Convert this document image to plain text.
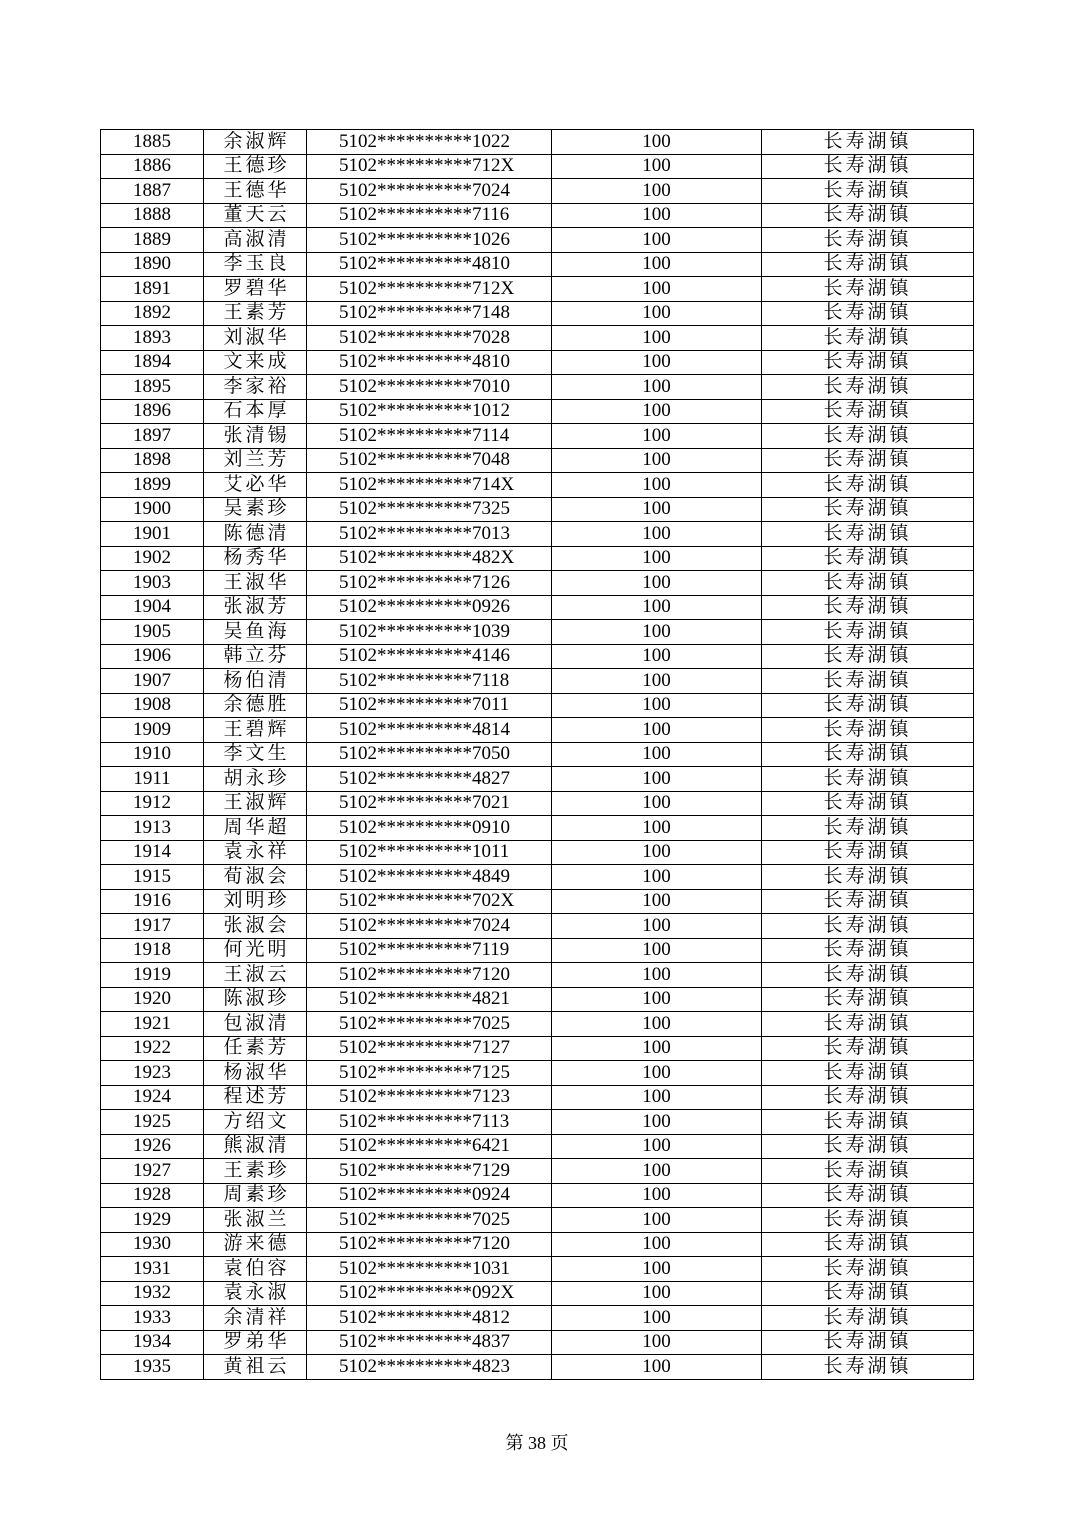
1885	余淑辉	5102**********1022	100	长寿湖镇
1886	王德珍	5102**********712X	100	长寿湖镇
1887	王德华	5102**********7024	100	长寿湖镇
1888	董天云	5102**********7116	100	长寿湖镇
1889	高淑清	5102**********1026	100	长寿湖镇
1890	李玉良	5102**********4810	100	长寿湖镇
1891	罗碧华	5102**********712X	100	长寿湖镇
1892	王素芳	5102**********7148	100	长寿湖镇
1893	刘淑华	5102**********7028	100	长寿湖镇
1894	文来成	5102**********4810	100	长寿湖镇
1895	李家裕	5102**********7010	100	长寿湖镇
1896	石本厚	5102**********1012	100	长寿湖镇
1897	张清锡	5102**********7114	100	长寿湖镇
1898	刘兰芳	5102**********7048	100	长寿湖镇
1899	艾必华	5102**********714X	100	长寿湖镇
1900	吴素珍	5102**********7325	100	长寿湖镇
1901	陈德清	5102**********7013	100	长寿湖镇
1902	杨秀华	5102**********482X	100	长寿湖镇
1903	王淑华	5102**********7126	100	长寿湖镇
1904	张淑芳	5102**********0926	100	长寿湖镇
1905	吴鱼海	5102**********1039	100	长寿湖镇
1906	韩立芬	5102**********4146	100	长寿湖镇
1907	杨伯清	5102**********7118	100	长寿湖镇
1908	余德胜	5102**********7011	100	长寿湖镇
1909	王碧辉	5102**********4814	100	长寿湖镇
1910	李文生	5102**********7050	100	长寿湖镇
1911	胡永珍	5102**********4827	100	长寿湖镇
1912	王淑辉	5102**********7021	100	长寿湖镇
1913	周华超	5102**********0910	100	长寿湖镇
1914	袁永祥	5102**********1011	100	长寿湖镇
1915	荀淑会	5102**********4849	100	长寿湖镇
1916	刘明珍	5102**********702X	100	长寿湖镇
1917	张淑会	5102**********7024	100	长寿湖镇
1918	何光明	5102**********7119	100	长寿湖镇
1919	王淑云	5102**********7120	100	长寿湖镇
1920	陈淑珍	5102**********4821	100	长寿湖镇
1921	包淑清	5102**********7025	100	长寿湖镇
1922	任素芳	5102**********7127	100	长寿湖镇
1923	杨淑华	5102**********7125	100	长寿湖镇
1924	程述芳	5102**********7123	100	长寿湖镇
1925	方绍文	5102**********7113	100	长寿湖镇
1926	熊淑清	5102**********6421	100	长寿湖镇
1927	王素珍	5102**********7129	100	长寿湖镇
1928	周素珍	5102**********0924	100	长寿湖镇
1929	张淑兰	5102**********7025	100	长寿湖镇
1930	游来德	5102**********7120	100	长寿湖镇
1931	袁伯容	5102**********1031	100	长寿湖镇
1932	袁永淑	5102**********092X	100	长寿湖镇
1933	余清祥	5102**********4812	100	长寿湖镇
1934	罗弟华	5102**********4837	100	长寿湖镇
1935	黄祖云	5102**********4823	100	长寿湖镇
第 38 页
